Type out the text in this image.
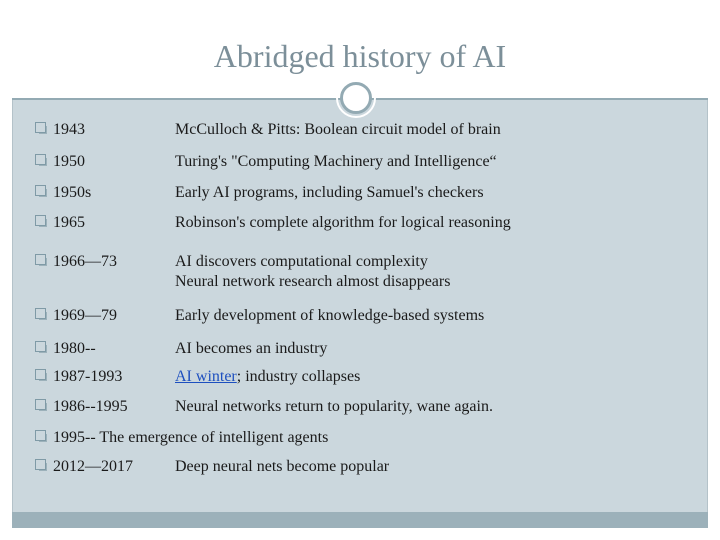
Abridged history of AI
1943	McCulloch & Pitts: Boolean circuit model of brain
1950	Turing's "Computing Machinery and Intelligence“
1950s	Early AI programs, including Samuel's checkers
1965	Robinson's complete algorithm for logical reasoning
1966—73	AI discovers computational complexity
Neural network research almost disappears
1969—79	Early development of knowledge-based systems
1980--	AI becomes an industry
1987-1993	AI winter; industry collapses
1986--1995	Neural networks return to popularity, wane again.
1995-- The emergence of intelligent agents
2012—2017	Deep neural nets become popular
